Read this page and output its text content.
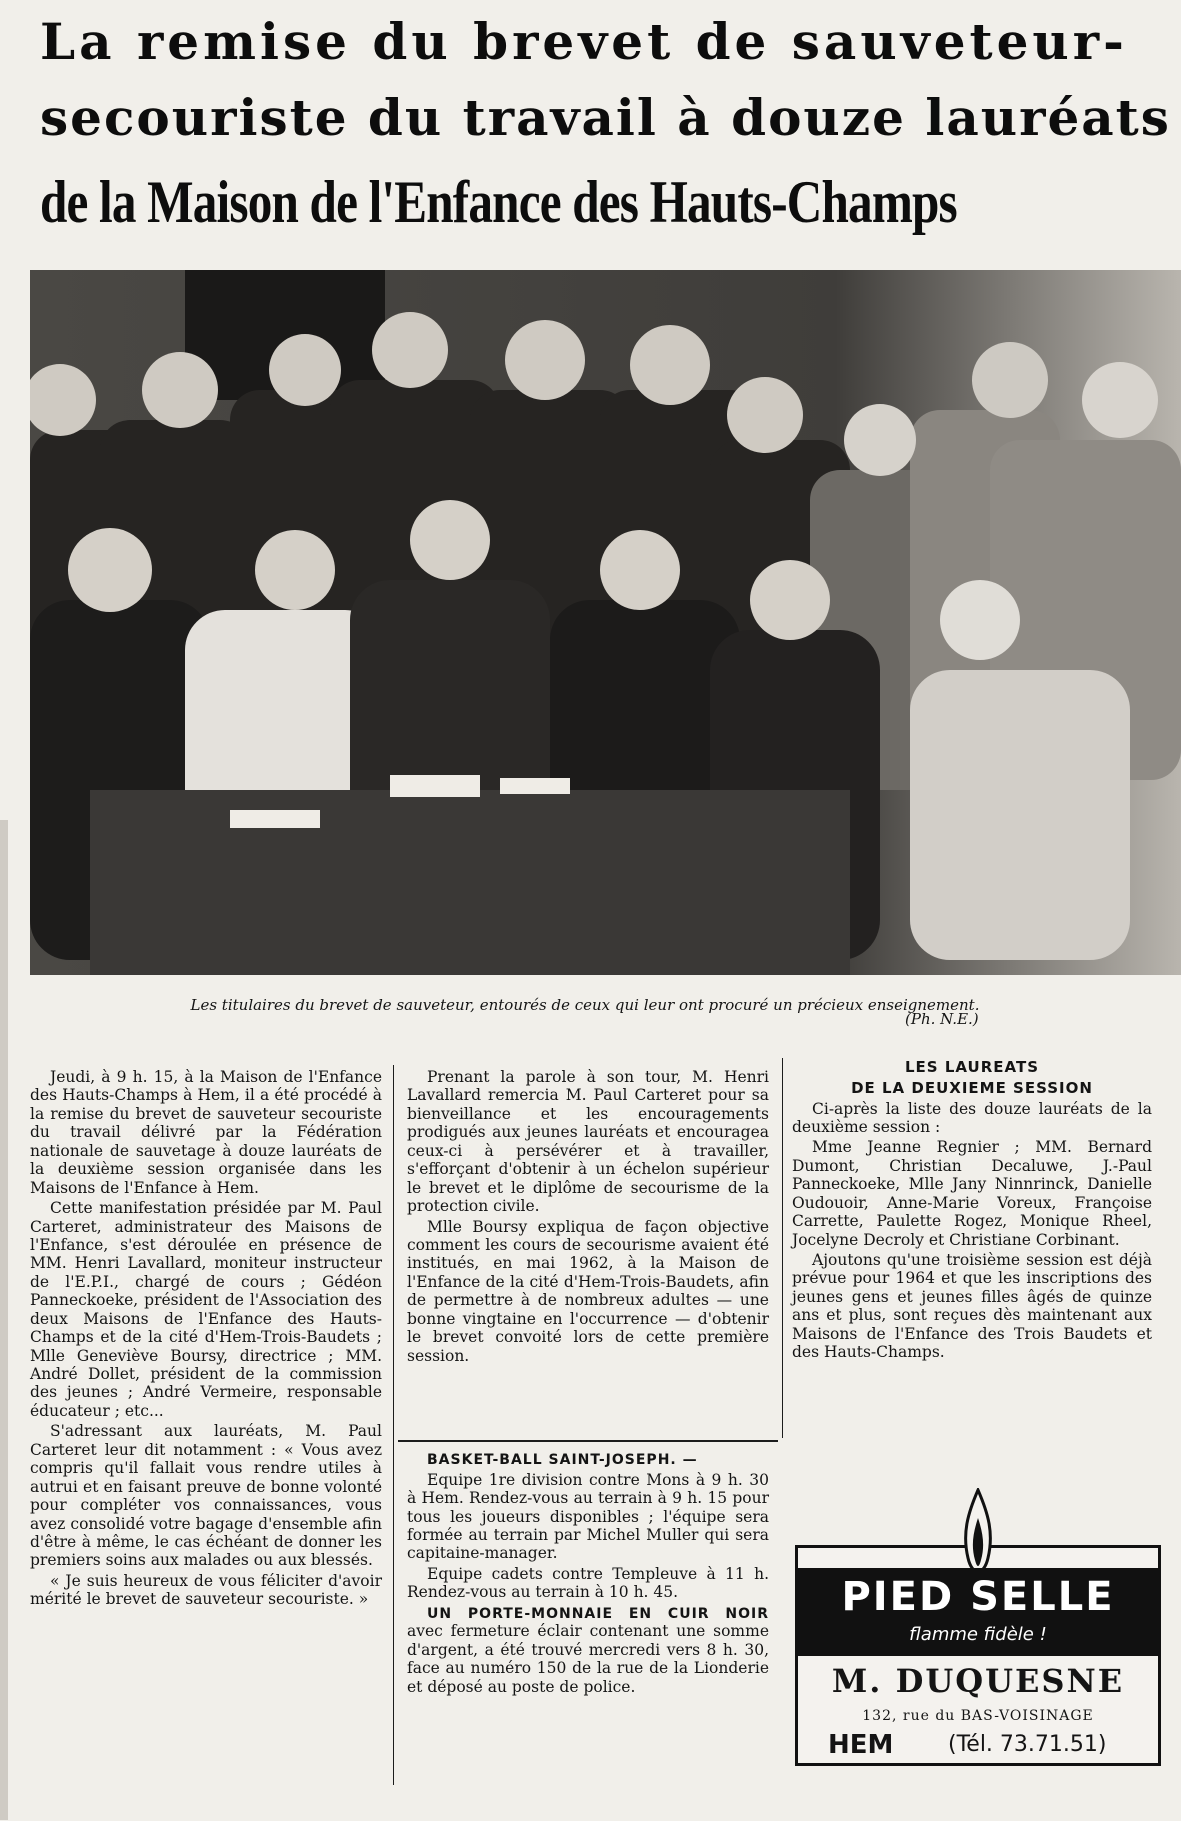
La remise du brevet de sauveteur-
secouriste du travail à douze lauréats
de la Maison de l'Enfance des Hauts-Champs
Les titulaires du brevet de sauveteur, entourés de ceux qui leur ont procuré un précieux enseignement.
(Ph. N.E.)

Jeudi, à 9 h. 15, à la Maison de l'Enfance des Hauts-Champs à Hem, il a été procédé à la remise du brevet de sauveteur secouriste du travail délivré par la Fédération nationale de sauvetage à douze lauréats de la deuxième session organisée dans les Maisons de l'Enfance à Hem.

Cette manifestation présidée par M. Paul Carteret, administrateur des Maisons de l'Enfance, s'est déroulée en présence de MM. Henri Lavallard, moniteur instructeur de l'E.P.I., chargé de cours ; Gédéon Panneckoeke, président de l'Association des deux Maisons de l'Enfance des Hauts-Champs et de la cité d'Hem-Trois-Baudets ; Mlle Geneviève Boursy, directrice ; MM. André Dollet, président de la commission des jeunes ; André Vermeire, responsable éducateur ; etc...

S'adressant aux lauréats, M. Paul Carteret leur dit notamment : « Vous avez compris qu'il fallait vous rendre utiles à autrui et en faisant preuve de bonne volonté pour compléter vos connaissances, vous avez consolidé votre bagage d'ensemble afin d'être à même, le cas échéant de donner les premiers soins aux malades ou aux blessés.

« Je suis heureux de vous féliciter d'avoir mérité le brevet de sauveteur secouriste. »

Prenant la parole à son tour, M. Henri Lavallard remercia M. Paul Carteret pour sa bienveillance et les encouragements prodigués aux jeunes lauréats et encouragea ceux-ci à persévérer et à travailler, s'efforçant d'obtenir à un échelon supérieur le brevet et le diplôme de secourisme de la protection civile.

Mlle Boursy expliqua de façon objective comment les cours de secourisme avaient été institués, en mai 1962, à la Maison de l'Enfance de la cité d'Hem-Trois-Baudets, afin de permettre à de nombreux adultes — une bonne vingtaine en l'occurrence — d'obtenir le brevet convoité lors de cette première session.

LES LAUREATS

DE LA DEUXIEME SESSION

Ci-après la liste des douze lauréats de la deuxième session :

Mme Jeanne Regnier ; MM. Bernard Dumont, Christian Decaluwe, J.-Paul Panneckoeke, Mlle Jany Ninnrinck, Danielle Oudouoir, Anne-Marie Voreux, Françoise Carrette, Paulette Rogez, Monique Rheel, Jocelyne Decroly et Christiane Corbinant.

Ajoutons qu'une troisième session est déjà prévue pour 1964 et que les inscriptions des jeunes gens et jeunes filles âgés de quinze ans et plus, sont reçues dès maintenant aux Maisons de l'Enfance des Trois Baudets et des Hauts-Champs.

BASKET-BALL SAINT-JOSEPH. —

Equipe 1re division contre Mons à 9 h. 30 à Hem. Rendez-vous au terrain à 9 h. 15 pour tous les joueurs disponibles ; l'équipe sera formée au terrain par Michel Muller qui sera capitaine-manager.

Equipe cadets contre Templeuve à 11 h. Rendez-vous au terrain à 10 h. 45.

UN PORTE-MONNAIE EN CUIR NOIR avec fermeture éclair contenant une somme d'argent, a été trouvé mercredi vers 8 h. 30, face au numéro 150 de la rue de la Lionderie et déposé au poste de police.

PIED SELLE
flamme fidèle !
M. DUQUESNE
132, rue du BAS-VOISINAGE
HEM (Tél. 73.71.51)
